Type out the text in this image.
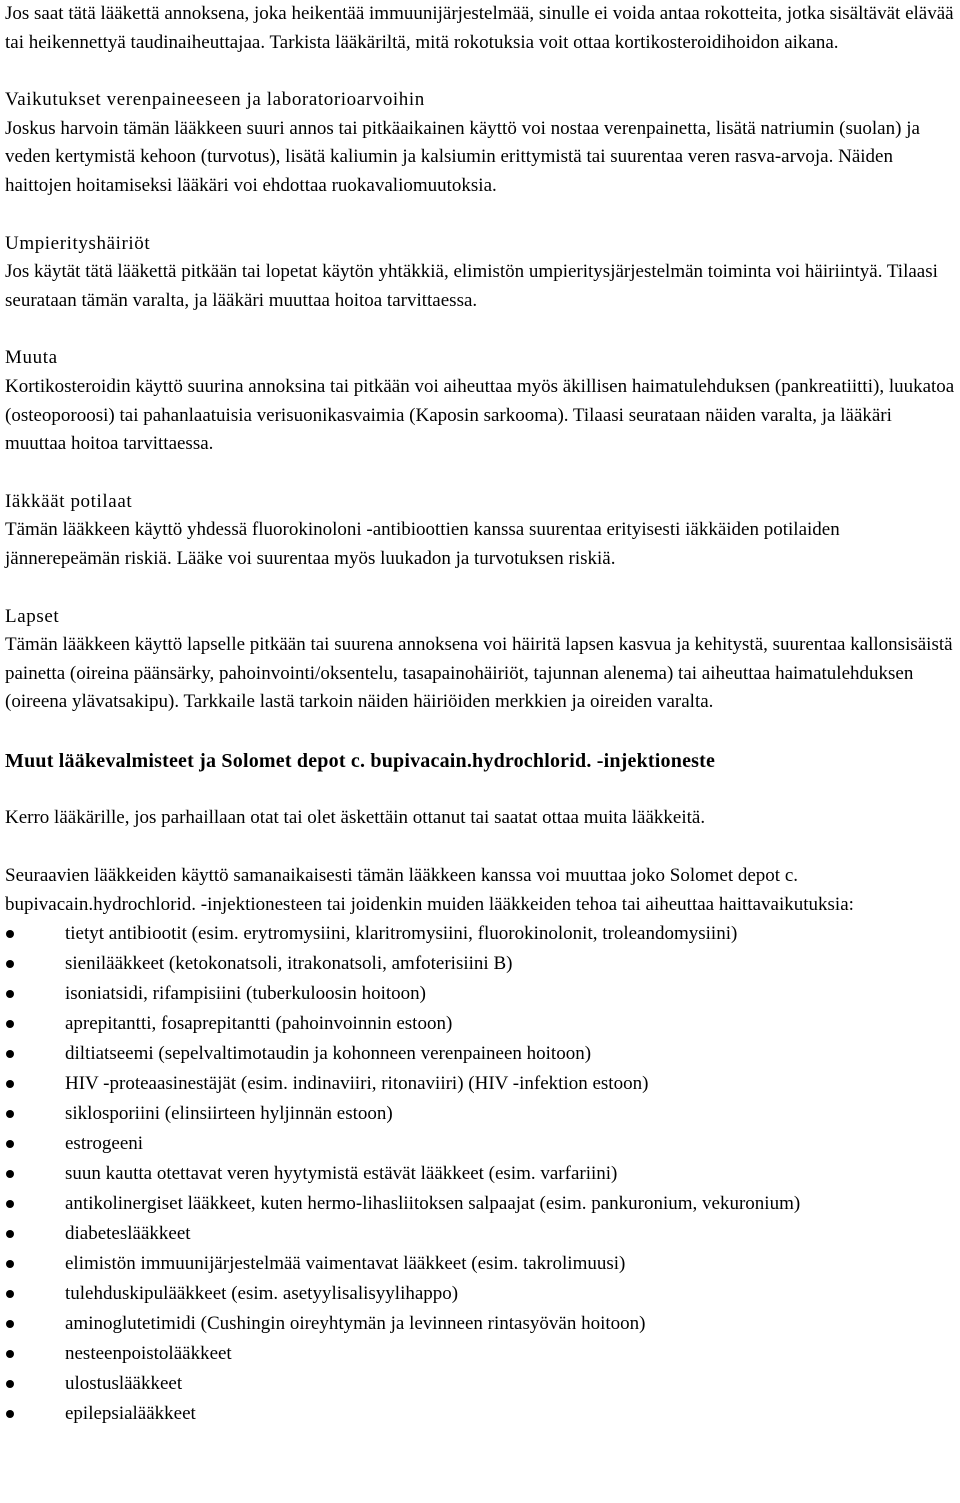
Jos saat tätä lääkettä annoksena, joka heikentää immuunijärjestelmää, sinulle ei voida antaa rokotteita, jotka sisältävät elävää tai heikennettyä taudinaiheuttajaa. Tarkista lääkäriltä, mitä rokotuksia voit ottaa kortikosteroidihoidon aikana.

Vaikutukset verenpaineeseen ja laboratorioarvoihin

Joskus harvoin tämän lääkkeen suuri annos tai pitkäaikainen käyttö voi nostaa verenpainetta, lisätä natriumin (suolan) ja veden kertymistä kehoon (turvotus), lisätä kaliumin ja kalsiumin erittymistä tai suurentaa veren rasva-arvoja. Näiden haittojen hoitamiseksi lääkäri voi ehdottaa ruokavaliomuutoksia.

Umpierityshäiriöt

Jos käytät tätä lääkettä pitkään tai lopetat käytön yhtäkkiä, elimistön umpieritysjärjestelmän toiminta voi häiriintyä. Tilaasi seurataan tämän varalta, ja lääkäri muuttaa hoitoa tarvittaessa.

Muuta

Kortikosteroidin käyttö suurina annoksina tai pitkään voi aiheuttaa myös äkillisen haimatulehduksen (pankreatiitti), luukatoa (osteoporoosi) tai pahanlaatuisia verisuonikasvaimia (Kaposin sarkooma). Tilaasi seurataan näiden varalta, ja lääkäri muuttaa hoitoa tarvittaessa.

Iäkkäät potilaat

Tämän lääkkeen käyttö yhdessä fluorokinoloni -antibioottien kanssa suurentaa erityisesti iäkkäiden potilaiden jännerepeämän riskiä. Lääke voi suurentaa myös luukadon ja turvotuksen riskiä.

Lapset

Tämän lääkkeen käyttö lapselle pitkään tai suurena annoksena voi häiritä lapsen kasvua ja kehitystä, suurentaa kallonsisäistä painetta (oireina päänsärky, pahoinvointi/oksentelu, tasapainohäiriöt, tajunnan alenema) tai aiheuttaa haimatulehduksen (oireena ylävatsakipu). Tarkkaile lastä tarkoin näiden häiriöiden merkkien ja oireiden varalta.

Muut lääkevalmisteet ja Solomet depot c. bupivacain.hydrochlorid. -injektioneste

Kerro lääkärille, jos parhaillaan otat tai olet äskettäin ottanut tai saatat ottaa muita lääkkeitä.

Seuraavien lääkkeiden käyttö samanaikaisesti tämän lääkkeen kanssa voi muuttaa joko Solomet depot c. bupivacain.hydrochlorid. -injektionesteen tai joidenkin muiden lääkkeiden tehoa tai aiheuttaa haittavaikutuksia:

tietyt antibiootit (esim. erytromysiini, klaritromysiini, fluorokinolonit, troleandomysiini)
sienilääkkeet (ketokonatsoli, itrakonatsoli, amfoterisiini B)
isoniatsidi, rifampisiini (tuberkuloosin hoitoon)
aprepitantti, fosaprepitantti (pahoinvoinnin estoon)
diltiatseemi (sepelvaltimotaudin ja kohonneen verenpaineen hoitoon)
HIV -proteaasinestäjät (esim. indinaviiri, ritonaviiri) (HIV -infektion estoon)
siklosporiini (elinsiirteen hyljinnän estoon)
estrogeeni
suun kautta otettavat veren hyytymistä estävät lääkkeet (esim. varfariini)
antikolinergiset lääkkeet, kuten hermo-lihasliitoksen salpaajat (esim. pankuronium, vekuronium)
diabeteslääkkeet
elimistön immuunijärjestelmää vaimentavat lääkkeet (esim. takrolimuusi)
tulehduskipulääkkeet (esim. asetyylisalisyylihappo)
aminoglutetimidi (Cushingin oireyhtymän ja levinneen rintasyövän hoitoon)
nesteenpoistolääkkeet
ulostuslääkkeet
epilepsialääkkeet
